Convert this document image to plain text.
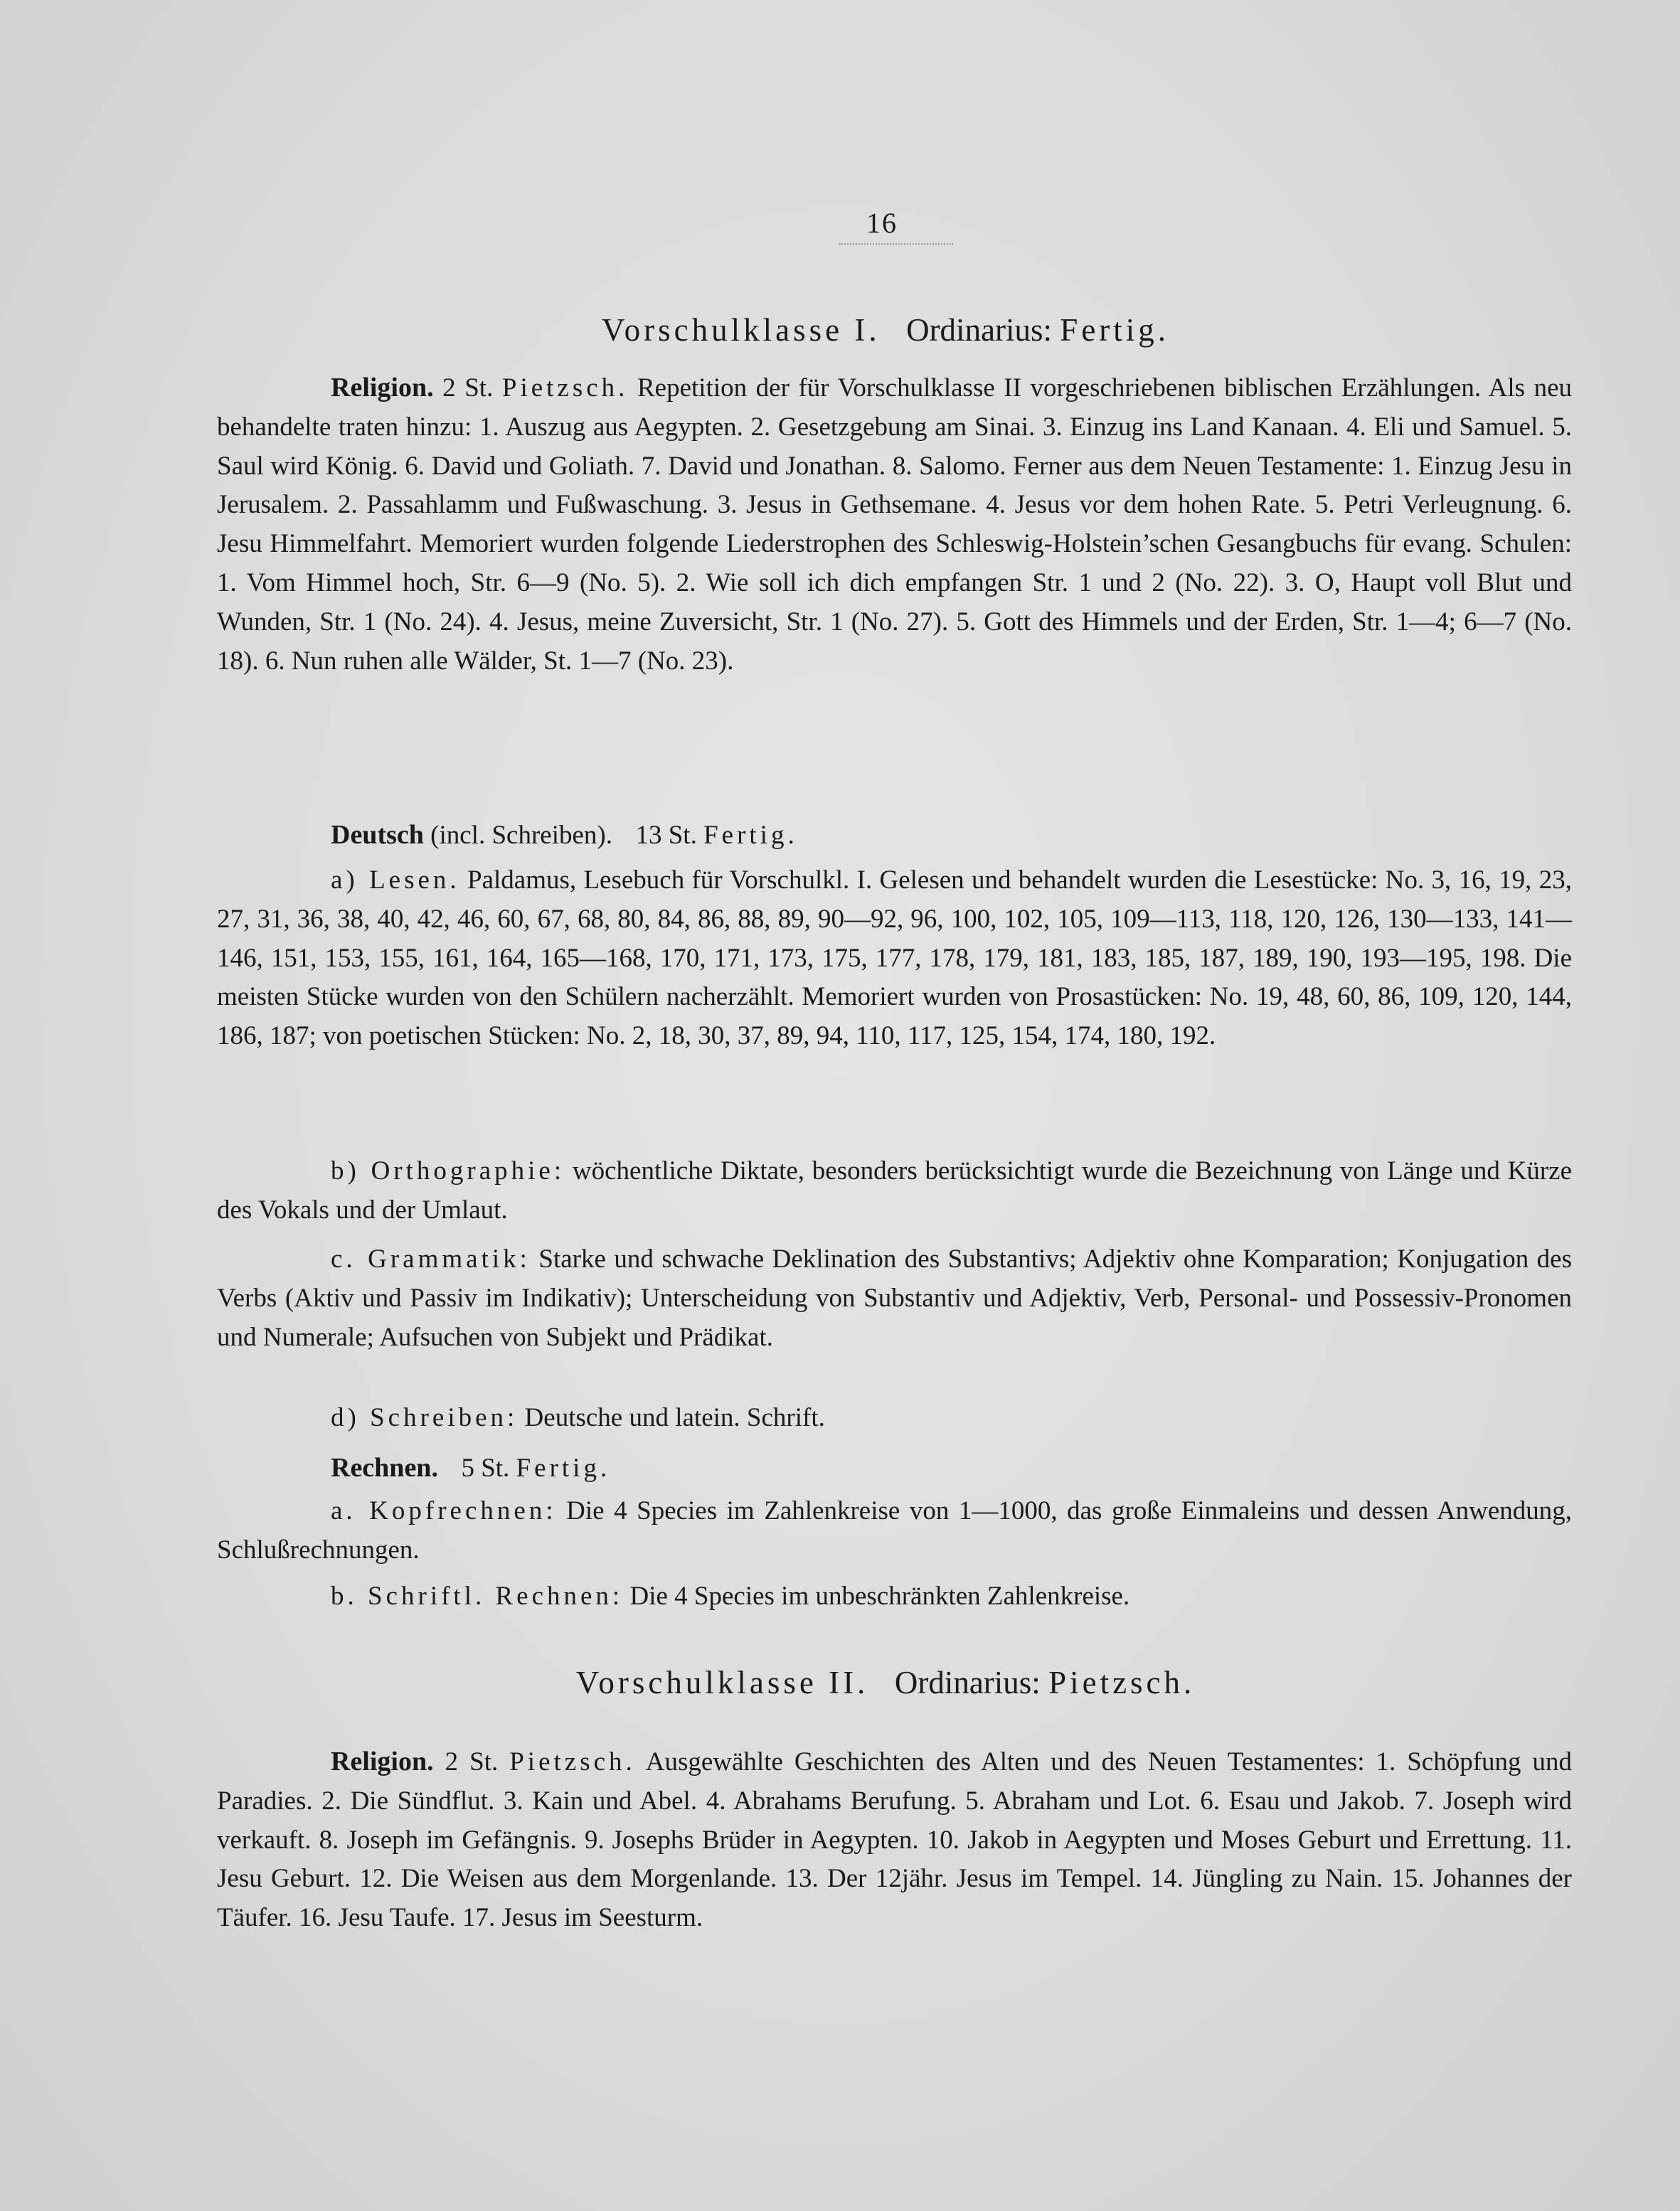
16
Vorschulklasse I. Ordinarius: Fertig.
Religion. 2 St. Pietzsch. Repetition der für Vorschulklasse II vorgeschriebenen biblischen Erzählungen. Als neu behandelte traten hinzu: 1. Auszug aus Aegypten. 2. Gesetzgebung am Sinai. 3. Einzug ins Land Kanaan. 4. Eli und Samuel. 5. Saul wird König. 6. David und Goliath. 7. David und Jonathan. 8. Salomo. Ferner aus dem Neuen Testamente: 1. Einzug Jesu in Jerusalem. 2. Passahlamm und Fußwaschung. 3. Jesus in Gethsemane. 4. Jesus vor dem hohen Rate. 5. Petri Verleugnung. 6. Jesu Himmelfahrt. Memoriert wurden folgende Liederstrophen des Schleswig-Holstein’schen Gesangbuchs für evang. Schulen: 1. Vom Himmel hoch, Str. 6—9 (No. 5). 2. Wie soll ich dich empfangen Str. 1 und 2 (No. 22). 3. O, Haupt voll Blut und Wunden, Str. 1 (No. 24). 4. Jesus, meine Zuversicht, Str. 1 (No. 27). 5. Gott des Himmels und der Erden, Str. 1—4; 6—7 (No. 18). 6. Nun ruhen alle Wälder, St. 1—7 (No. 23).
Deutsch (incl. Schreiben). 13 St. Fertig.
a) Lesen. Paldamus, Lesebuch für Vorschulkl. I. Gelesen und behandelt wurden die Lesestücke: No. 3, 16, 19, 23, 27, 31, 36, 38, 40, 42, 46, 60, 67, 68, 80, 84, 86, 88, 89, 90—92, 96, 100, 102, 105, 109—113, 118, 120, 126, 130—133, 141—146, 151, 153, 155, 161, 164, 165—168, 170, 171, 173, 175, 177, 178, 179, 181, 183, 185, 187, 189, 190, 193—195, 198. Die meisten Stücke wurden von den Schülern nacherzählt. Memoriert wurden von Prosastücken: No. 19, 48, 60, 86, 109, 120, 144, 186, 187; von poetischen Stücken: No. 2, 18, 30, 37, 89, 94, 110, 117, 125, 154, 174, 180, 192.
b) Orthographie: wöchentliche Diktate, besonders berücksichtigt wurde die Bezeichnung von Länge und Kürze des Vokals und der Umlaut.
c. Grammatik: Starke und schwache Deklination des Substantivs; Adjektiv ohne Komparation; Konjugation des Verbs (Aktiv und Passiv im Indikativ); Unterscheidung von Substantiv und Adjektiv, Verb, Personal- und Possessiv-Pronomen und Numerale; Aufsuchen von Subjekt und Prädikat.
d) Schreiben: Deutsche und latein. Schrift.
Rechnen. 5 St. Fertig.
a. Kopfrechnen: Die 4 Species im Zahlenkreise von 1—1000, das große Einmaleins und dessen Anwendung, Schlußrechnungen.
b. Schriftl. Rechnen: Die 4 Species im unbeschränkten Zahlenkreise.
Vorschulklasse II. Ordinarius: Pietzsch.
Religion. 2 St. Pietzsch. Ausgewählte Geschichten des Alten und des Neuen Testamentes: 1. Schöpfung und Paradies. 2. Die Sündflut. 3. Kain und Abel. 4. Abrahams Berufung. 5. Abraham und Lot. 6. Esau und Jakob. 7. Joseph wird verkauft. 8. Joseph im Gefängnis. 9. Josephs Brüder in Aegypten. 10. Jakob in Aegypten und Moses Geburt und Errettung. 11. Jesu Geburt. 12. Die Weisen aus dem Morgenlande. 13. Der 12jähr. Jesus im Tempel. 14. Jüngling zu Nain. 15. Johannes der Täufer. 16. Jesu Taufe. 17. Jesus im Seesturm.
